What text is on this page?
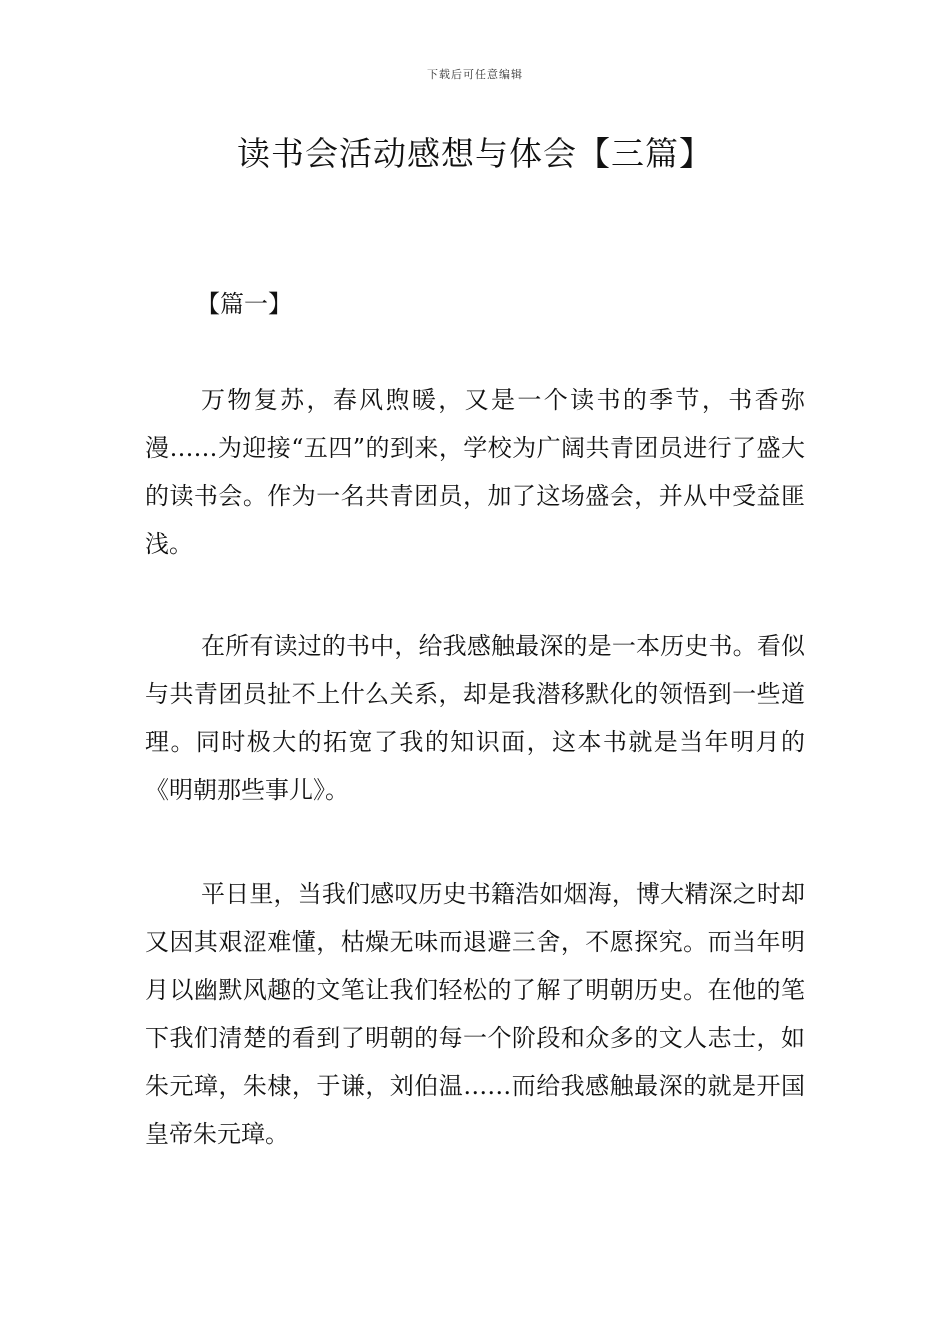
下载后可任意编辑
读书会活动感想与体会【三篇】
【篇一】

万物复苏，春风煦暖，又是一个读书的季节，书香弥漫……为迎接“五四”的到来，学校为广阔共青团员进行了盛大的读书会。作为一名共青团员，加了这场盛会，并从中受益匪浅。

在所有读过的书中，给我感触最深的是一本历史书。看似与共青团员扯不上什么关系，却是我潜移默化的领悟到一些道理。同时极大的拓宽了我的知识面，这本书就是当年明月的《明朝那些事儿》。

平日里，当我们感叹历史书籍浩如烟海，博大精深之时却又因其艰涩难懂，枯燥无味而退避三舍，不愿探究。而当年明月以幽默风趣的文笔让我们轻松的了解了明朝历史。在他的笔下我们清楚的看到了明朝的每一个阶段和众多的文人志士，如朱元璋，朱棣，于谦，刘伯温……而给我感触最深的就是开国皇帝朱元璋。
